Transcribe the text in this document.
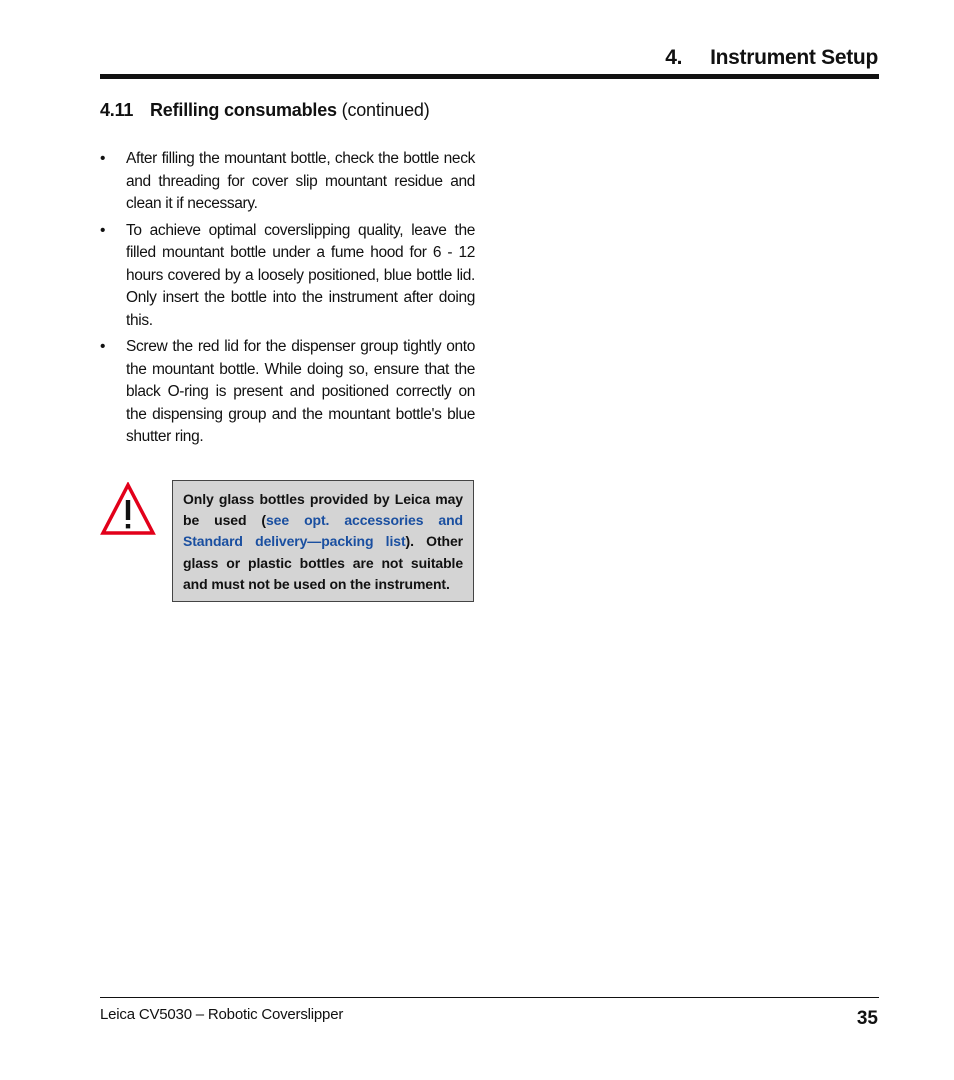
4. Instrument Setup
4.11 Refilling consumables (continued)
• After filling the mountant bottle, check the bottle neck and threading for cover slip mountant residue and clean it if necessary.
• To achieve optimal coverslipping quality, leave the filled mountant bottle under a fume hood for 6 - 12 hours covered by a loosely positioned, blue bottle lid. Only insert the bottle into the instrument after doing this.
• Screw the red lid for the dispenser group tightly onto the mountant bottle. While doing so, ensure that the black O-ring is present and positioned correctly on the dispensing group and the mountant bottle's blue shutter ring.
Only glass bottles provided by Leica may be used (see opt. accessories and Standard delivery—packing list). Other glass or plastic bottles are not suitable and must not be used on the instrument.
Leica CV5030 – Robotic Coverslipper	35
